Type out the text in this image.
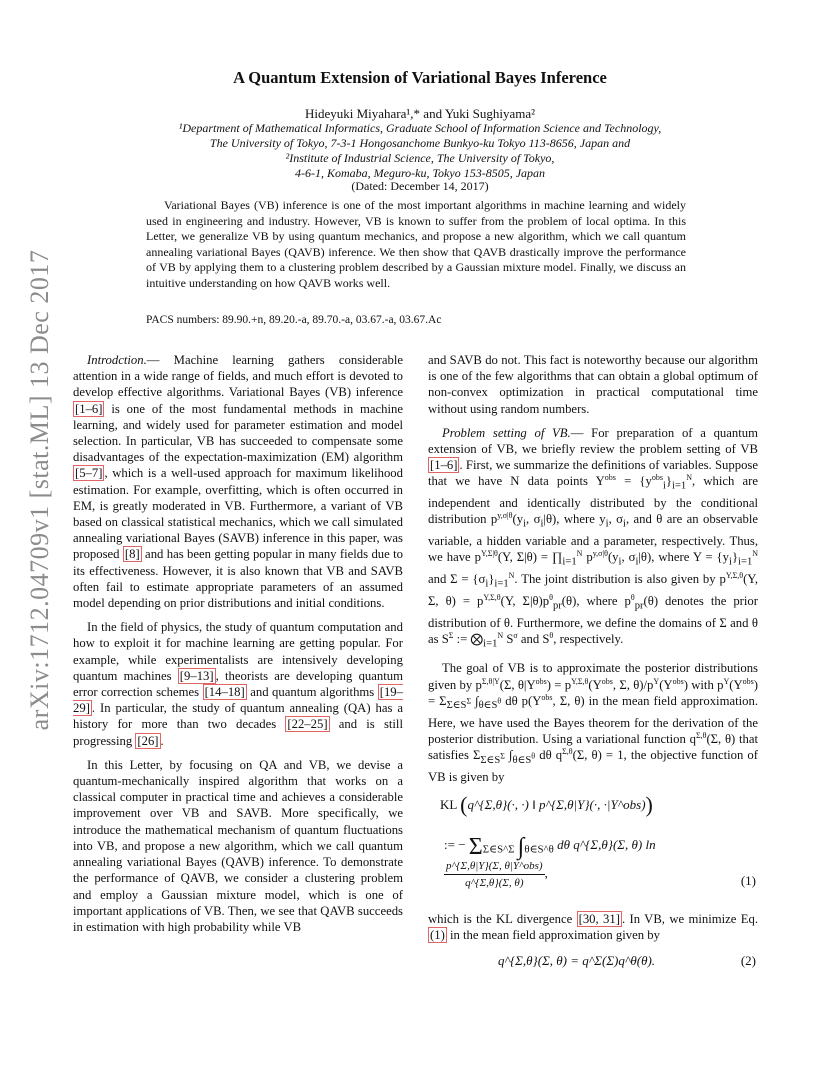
arXiv:1712.04709v1 [stat.ML] 13 Dec 2017
A Quantum Extension of Variational Bayes Inference
Hideyuki Miyahara¹,* and Yuki Sughiyama²
¹Department of Mathematical Informatics, Graduate School of Information Science and Technology,
The University of Tokyo, 7-3-1 Hongosanchome Bunkyo-ku Tokyo 113-8656, Japan and
²Institute of Industrial Science, The University of Tokyo,
4-6-1, Komaba, Meguro-ku, Tokyo 153-8505, Japan
(Dated: December 14, 2017)
Variational Bayes (VB) inference is one of the most important algorithms in machine learning and widely used in engineering and industry. However, VB is known to suffer from the problem of local optima. In this Letter, we generalize VB by using quantum mechanics, and propose a new algorithm, which we call quantum annealing variational Bayes (QAVB) inference. We then show that QAVB drastically improve the performance of VB by applying them to a clustering problem described by a Gaussian mixture model. Finally, we discuss an intuitive understanding on how QAVB works well.
PACS numbers: 89.90.+n, 89.20.-a, 89.70.-a, 03.67.-a, 03.67.Ac

Introdction.— Machine learning gathers considerable attention in a wide range of fields, and much effort is devoted to develop effective algorithms. Variational Bayes (VB) inference [1–6] is one of the most fundamental methods in machine learning, and widely used for parameter estimation and model selection. In particular, VB has succeeded to compensate some disadvantages of the expectation-maximization (EM) algorithm [5–7] , which is a well-used approach for maximum likelihood estimation. For example, overfitting, which is often occurred in EM, is greatly moderated in VB. Furthermore, a variant of VB based on classical statistical mechanics, which we call simulated annealing variational Bayes (SAVB) inference in this paper, was proposed [8] and has been getting popular in many fields due to its effectiveness. However, it is also known that VB and SAVB often fail to estimate appropriate parameters of an assumed model depending on prior distributions and initial conditions.

In the field of physics, the study of quantum computation and how to exploit it for machine learning are getting popular. For example, while experimentalists are intensively developing quantum machines [9–13] , theorists are developing quantum error correction schemes [14–18] and quantum algorithms [19–29] . In particular, the study of quantum annealing (QA) has a history for more than two decades [22–25] and is still progressing [26] .

In this Letter, by focusing on QA and VB, we devise a quantum-mechanically inspired algorithm that works on a classical computer in practical time and achieves a considerable improvement over VB and SAVB. More specifically, we introduce the mathematical mechanism of quantum fluctuations into VB, and propose a new algorithm, which we call quantum annealing variational Bayes (QAVB) inference. To demonstrate the performance of QAVB, we consider a clustering problem and employ a Gaussian mixture model, which is one of important applications of VB. Then, we see that QAVB succeeds in estimation with high probability while VB

and SAVB do not. This fact is noteworthy because our algorithm is one of the few algorithms that can obtain a global optimum of non-convex optimization in practical computational time without using random numbers.

Problem setting of VB.— For preparation of a quantum extension of VB, we briefly review the problem setting of VB [1–6] . First, we summarize the definitions of variables. Suppose that we have N data points $Y^{obs} = \{y^{obs}_i\}_{i=1}^N$, which are independent and identically distributed by the conditional distribution $p^{y,\sigma|\theta}(y_i$, $\sigma_i|\theta$), where $y_i$, $\sigma_i$, and θ are an observable variable, a hidden variable and a parameter, respectively. Thus, we have $p^{Y,\Sigma|\theta}(Y$, $\Sigma|\theta) = \prod_{i=1}^N$ $p^{y,\sigma|\theta}(y_i$, $\sigma_i|\theta$), where $Y = \{y_i\}_{i=1}^N$ and $\Sigma = \{\sigma_i\}_{i=1}^N$. The joint distribution is also given by $p^{Y,\Sigma,\theta}(Y$, Σ, $\theta) = p^{Y,\Sigma,\theta}(Y$, $\Sigma|\theta)p^\theta_{pr}(\theta)$, where $p^\theta_{pr}(\theta)$ denotes the prior distribution of θ. Furthermore, we define the domains of Σ and θ as $S^\Sigma$ := $⨂_{i=1}^N$ $S^\sigma$ and $S^\theta$, respectively.

The goal of VB is to approximate the posterior distributions given by $p^{\Sigma,\theta|Y}(\Sigma$, $\theta|Y^{obs}) = p^{Y,\Sigma,\theta}(Y^{obs}$, Σ, $\theta)/p^Y(Y^{obs})$ with $p^Y(Y^{obs}) = \Sigma_{\Sigma\in S^\Sigma}$ $\int_{\theta\in S^\theta}$ dθ $p(Y^{obs}$, Σ, θ) in the mean field approximation. Here, we have used the Bayes theorem for the derivation of the posterior distribution. Using a variational function $q^{\Sigma,\theta}(\Sigma$, θ) that satisfies $\Sigma_{\Sigma\in S^\Sigma}$ $\int_{\theta\in S^\theta}$ dθ $q^{\Sigma,\theta}(\Sigma$, θ) = 1, the objective function of VB is given by

KL (q^{Σ,θ}(·, ·) ‖ p^{Σ,θ|Y}(·, ·|Y^obs))
:= − $\Sigma_{\Sigma\in S\^{}\Sigma}$ $\int_{\theta\in S\^{}\theta}$ dθ q^{Σ,θ}(Σ, θ) ln
$\frac{\text{p\textasciicircum{}\{Σ,θ|Y\}(Σ, θ|Y\textasciicircum{}obs)}}{q\^{}\{\Sigma,\theta\}(\Sigma, \theta)}$ ,
(1)

which is the KL divergence [30, 31] . In VB, we minimize Eq. (1) in the mean field approximation given by

q^{Σ,θ}(Σ, θ) = q^Σ(Σ)q^θ(θ).	(2)
